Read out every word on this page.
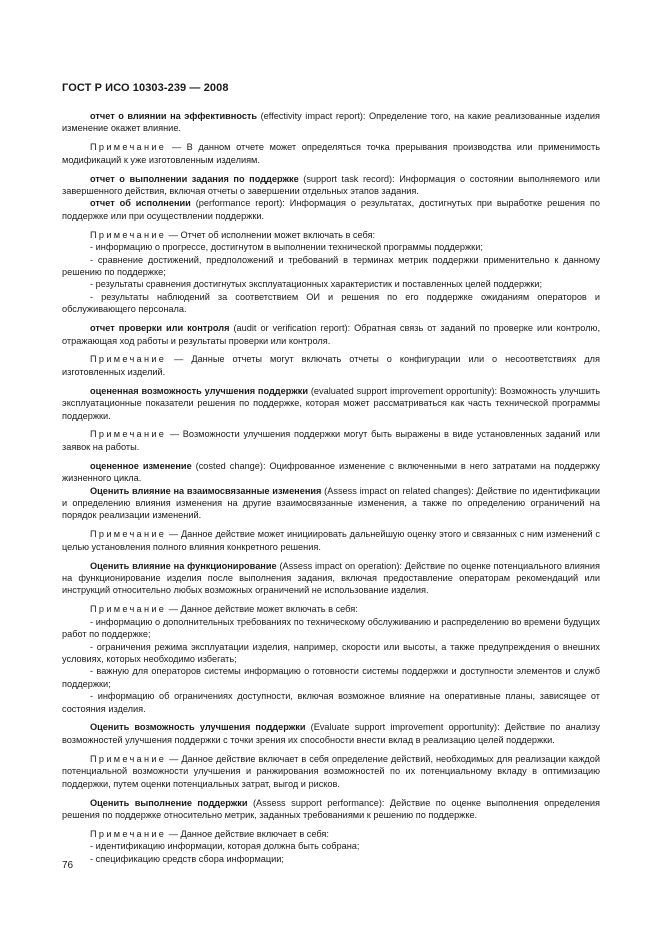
ГОСТ Р ИСО 10303-239 — 2008

отчет о влиянии на эффективность (effectivity impact report): Определение того, на какие реализованные изделия изменение окажет влияние.

Примечание — В данном отчете может определяться точка прерывания производства или применимость модификаций к уже изготовленным изделиям.

отчет о выполнении задания по поддержке (support task record): Информация о состоянии выполняемого или завершенного действия, включая отчеты о завершении отдельных этапов задания.

отчет об исполнении (performance report): Информация о результатах, достигнутых при выработке решения по поддержке или при осуществлении поддержки.

Примечание — Отчет об исполнении может включать в себя:

- информацию о прогрессе, достигнутом в выполнении технической программы поддержки;

- сравнение достижений, предположений и требований в терминах метрик поддержки применительно к данному решению по поддержке;

- результаты сравнения достигнутых эксплуатационных характеристик и поставленных целей поддержки;

- результаты наблюдений за соответствием ОИ и решения по его поддержке ожиданиям операторов и обслуживающего персонала.

отчет проверки или контроля (audit or verification report): Обратная связь от заданий по проверке или контролю, отражающая ход работы и результаты проверки или контроля.

Примечание — Данные отчеты могут включать отчеты о конфигурации или о несоответствиях для изготовленных изделий.

оцененная возможность улучшения поддержки (evaluated support improvement opportunity): Возможность улучшить эксплуатационные показатели решения по поддержке, которая может рассматриваться как часть технической программы поддержки.

Примечание — Возможности улучшения поддержки могут быть выражены в виде установленных заданий или заявок на работы.

оцененное изменение (costed change): Оцифрованное изменение с включенными в него затратами на поддержку жизненного цикла.

Оценить влияние на взаимосвязанные изменения (Assess impact on related changes): Действие по идентификации и определению влияния изменения на другие взаимосвязанные изменения, а также по определению ограничений на порядок реализации изменений.

Примечание — Данное действие может инициировать дальнейшую оценку этого и связанных с ним изменений с целью установления полного влияния конкретного решения.

Оценить влияние на функционирование (Assess impact on operation): Действие по оценке потенциального влияния на функционирование изделия после выполнения задания, включая предоставление операторам рекомендаций или инструкций относительно любых возможных ограничений не использование изделия.

Примечание — Данное действие может включать в себя:

- информацию о дополнительных требованиях по техническому обслуживанию и распределению во времени будущих работ по поддержке;

- ограничения режима эксплуатации изделия, например, скорости или высоты, а также предупреждения о внешних условиях, которых необходимо избегать;

- важную для операторов системы информацию о готовности системы поддержки и доступности элементов и служб поддержки;

- информацию об ограничениях доступности, включая возможное влияние на оперативные планы, зависящее от состояния изделия.

Оценить возможность улучшения поддержки (Evaluate support improvement opportunity): Действие по анализу возможностей улучшения поддержки с точки зрения их способности внести вклад в реализацию целей поддержки.

Примечание — Данное действие включает в себя определение действий, необходимых для реализации каждой потенциальной возможности улучшения и ранжирования возможностей по их потенциальному вкладу в оптимизацию поддержки, путем оценки потенциальных затрат, выгод и рисков.

Оценить выполнение поддержки (Assess support performance): Действие по оценке выполнения определения решения по поддержке относительно метрик, заданных требованиями к решению по поддержке.

Примечание — Данное действие включает в себя:

- идентификацию информации, которая должна быть собрана;

- спецификацию средств сбора информации;

76
